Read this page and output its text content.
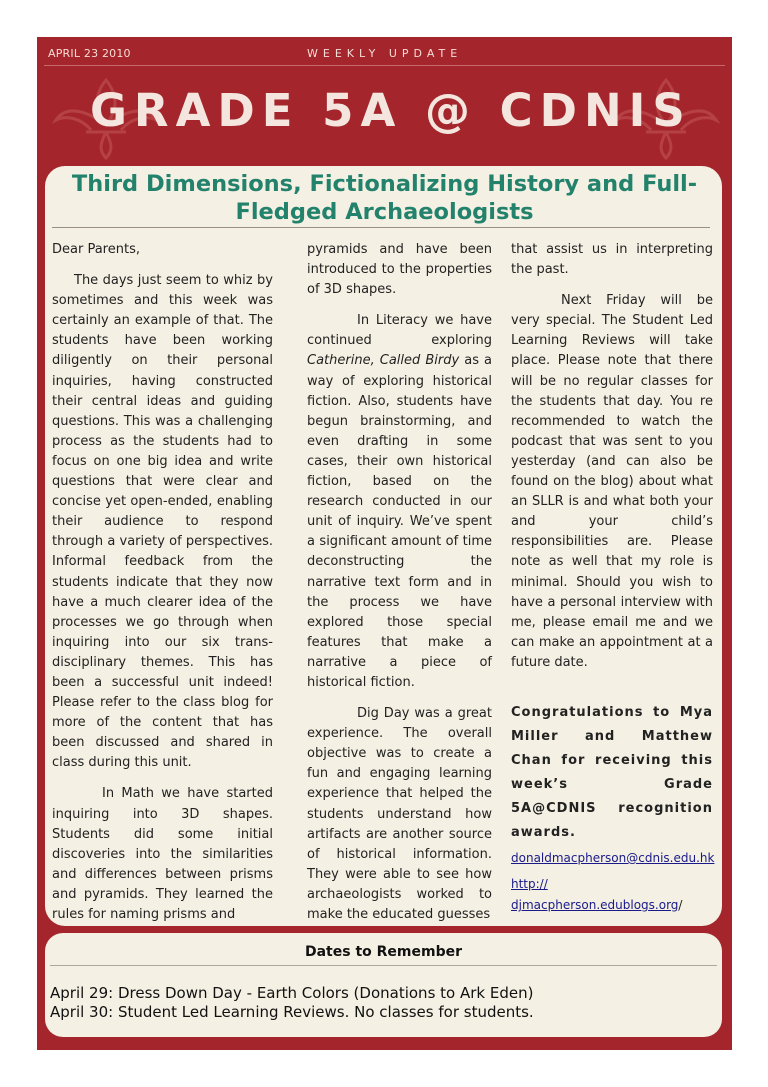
APRIL 23 2010	WEEKLY UPDATE
GRADE 5A @ CDNIS
Third Dimensions, Fictionalizing History and Full-Fledged Archaeologists

Dear Parents,

The days just seem to whiz by sometimes and this week was certainly an example of that. The students have been working diligently on their personal inquiries, having constructed their central ideas and guiding questions. This was a challenging process as the students had to focus on one big idea and write questions that were clear and concise yet open-ended, enabling their audience to respond through a variety of perspectives. Informal feedback from the students indicate that they now have a much clearer idea of the processes we go through when inquiring into our six trans-disciplinary themes. This has been a successful unit indeed! Please refer to the class blog for more of the content that has been discussed and shared in class during this unit.

In Math we have started inquiring into 3D shapes. Students did some initial discoveries into the similarities and differences between prisms and pyramids. They learned the rules for naming prisms and

pyramids and have been introduced to the properties of 3D shapes.

In Literacy we have continued exploring Catherine, Called Birdy as a way of exploring historical fiction. Also, students have begun brainstorming, and even drafting in some cases, their own historical fiction, based on the research conducted in our unit of inquiry. We’ve spent a significant amount of time deconstructing the narrative text form and in the process we have explored those special features that make a narrative a piece of historical fiction.

Dig Day was a great experience. The overall objective was to create a fun and engaging learning experience that helped the students understand how artifacts are another source of historical information. They were able to see how archaeologists worked to make the educated guesses

that assist us in interpreting the past.

Next Friday will be very special. The Student Led Learning Reviews will take place. Please note that there will be no regular classes for the students that day. You re recommended to watch the podcast that was sent to you yesterday (and can also be found on the blog) about what an SLLR is and what both your and your child’s responsibilities are. Please note as well that my role is minimal. Should you wish to have a personal interview with me, please email me and we can make an appointment at a future date.

Congratulations to Mya Miller and Matthew Chan for receiving this week’s Grade 5A@CDNIS recognition awards.

donaldmacpherson@cdnis.edu.hk
http://
djmacpherson.edublogs.org/
Dates to Remember
April 29: Dress Down Day - Earth Colors (Donations to Ark Eden)
April 30: Student Led Learning Reviews. No classes for students.
